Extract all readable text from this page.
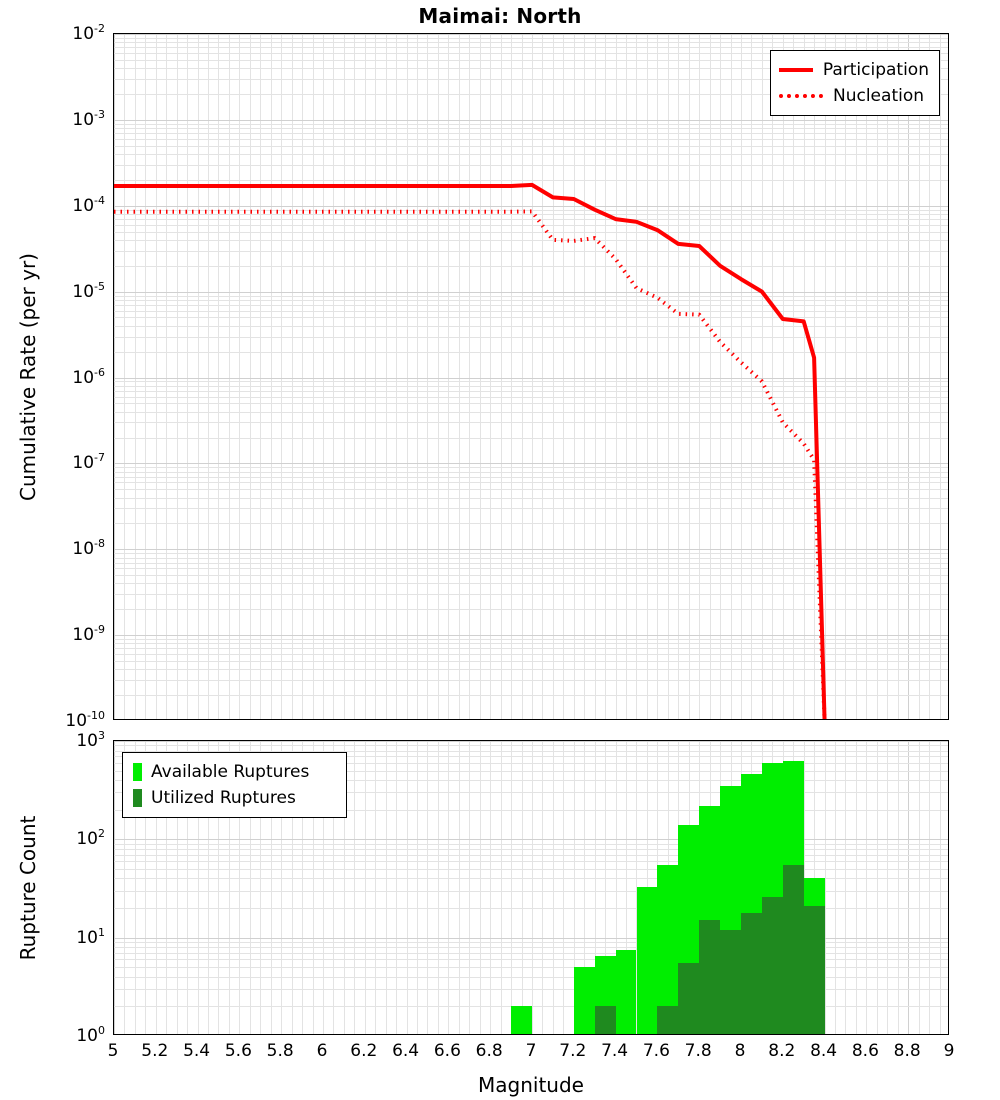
Maimai: North
Cumulative Rate (per yr)
Participation
Nucleation
Rupture Count
Available Ruptures
Utilized Ruptures
Magnitude
$10^{-2}$
$10^{-3}$
$10^{-4}$
$10^{-5}$
$10^{-6}$
$10^{-7}$
$10^{-8}$
$10^{-9}$
$10^{-10}$
$10^0$
$10^1$
$10^2$
$10^3$
5 5.2 5.4 5.6 5.8 6 6.2 6.4 6.6 6.8 7 7.2 7.4 7.6 7.8 8 8.2 8.4 8.6 8.8 9
